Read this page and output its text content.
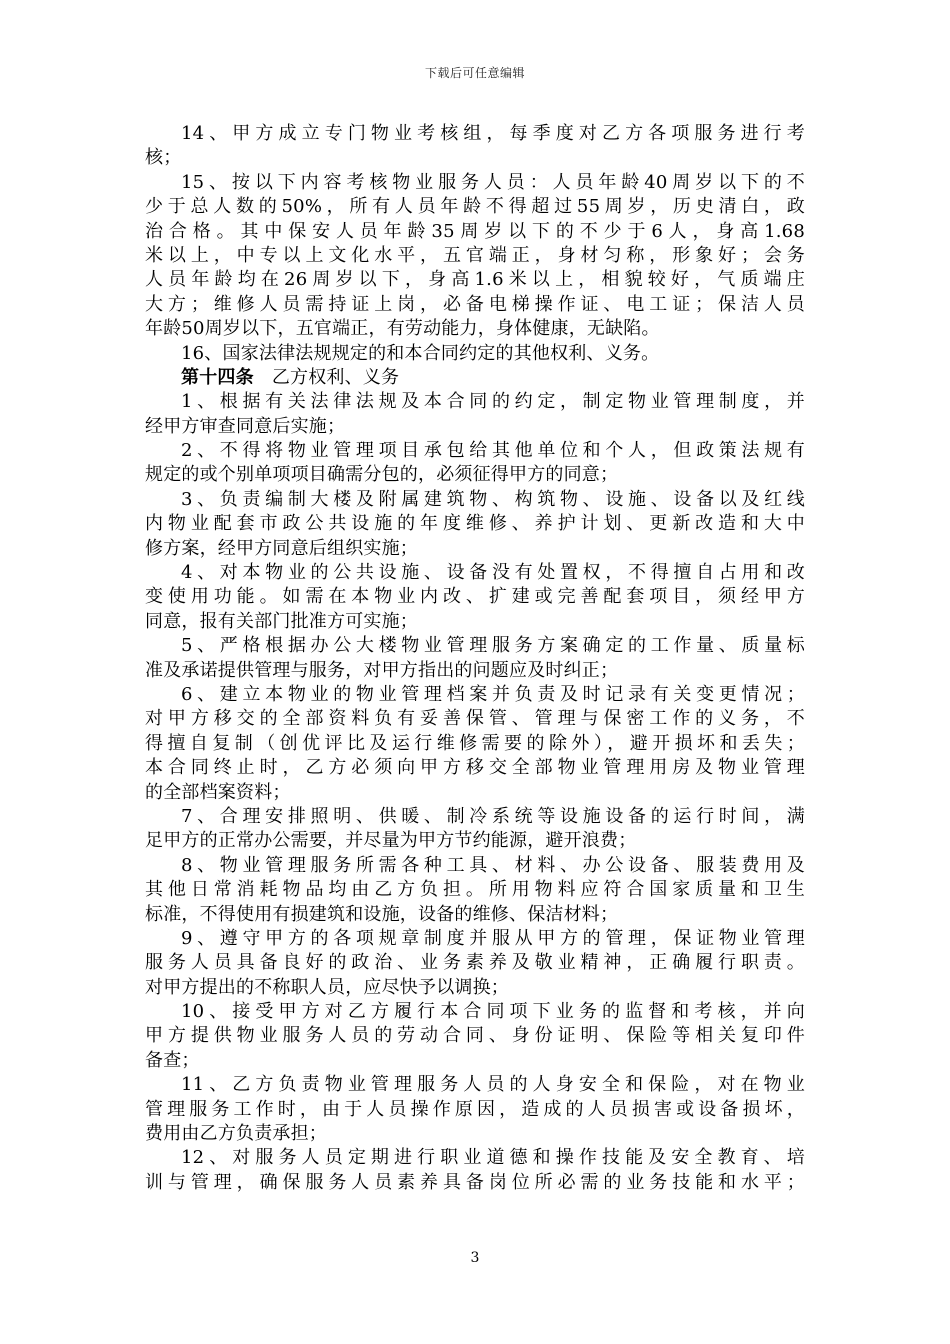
下载后可任意编辑
14、甲方成立专门物业考核组，每季度对乙方各项服务进行考
核；
15、按以下内容考核物业服务人员：人员年龄40周岁以下的不
少于总人数的50%，所有人员年龄不得超过55周岁，历史清白，政
治合格。其中保安人员年龄35周岁以下的不少于6人，身高1.68
米以上，中专以上文化水平，五官端正，身材匀称，形象好；会务
人员年龄均在26周岁以下，身高1.6米以上，相貌较好，气质端庄
大方；维修人员需持证上岗，必备电梯操作证、电工证；保洁人员
年龄50周岁以下，五官端正，有劳动能力，身体健康，无缺陷。
16、国家法律法规规定的和本合同约定的其他权利、义务。
第十四条 乙方权利、义务
1、根据有关法律法规及本合同的约定，制定物业管理制度，并
经甲方审查同意后实施；
2、不得将物业管理项目承包给其他单位和个人，但政策法规有
规定的或个别单项项目确需分包的，必须征得甲方的同意；
3、负责编制大楼及附属建筑物、构筑物、设施、设备以及红线
内物业配套市政公共设施的年度维修、养护计划、更新改造和大中
修方案，经甲方同意后组织实施；
4、对本物业的公共设施、设备没有处置权，不得擅自占用和改
变使用功能。如需在本物业内改、扩建或完善配套项目，须经甲方
同意，报有关部门批准方可实施；
5、严格根据办公大楼物业管理服务方案确定的工作量、质量标
准及承诺提供管理与服务，对甲方指出的问题应及时纠正；
6、建立本物业的物业管理档案并负责及时记录有关变更情况；
对甲方移交的全部资料负有妥善保管、管理与保密工作的义务，不
得擅自复制（创优评比及运行维修需要的除外），避开损坏和丢失；
本合同终止时，乙方必须向甲方移交全部物业管理用房及物业管理
的全部档案资料；
7、合理安排照明、供暖、制冷系统等设施设备的运行时间，满
足甲方的正常办公需要，并尽量为甲方节约能源，避开浪费；
8、物业管理服务所需各种工具、材料、办公设备、服装费用及
其他日常消耗物品均由乙方负担。所用物料应符合国家质量和卫生
标准，不得使用有损建筑和设施，设备的维修、保洁材料；
9、遵守甲方的各项规章制度并服从甲方的管理，保证物业管理
服务人员具备良好的政治、业务素养及敬业精神，正确履行职责。
对甲方提出的不称职人员，应尽快予以调换；
10、接受甲方对乙方履行本合同项下业务的监督和考核，并向
甲方提供物业服务人员的劳动合同、身份证明、保险等相关复印件
备查；
11、乙方负责物业管理服务人员的人身安全和保险，对在物业
管理服务工作时，由于人员操作原因，造成的人员损害或设备损坏，
费用由乙方负责承担；
12、对服务人员定期进行职业道德和操作技能及安全教育、培
训与管理，确保服务人员素养具备岗位所必需的业务技能和水平；
3
